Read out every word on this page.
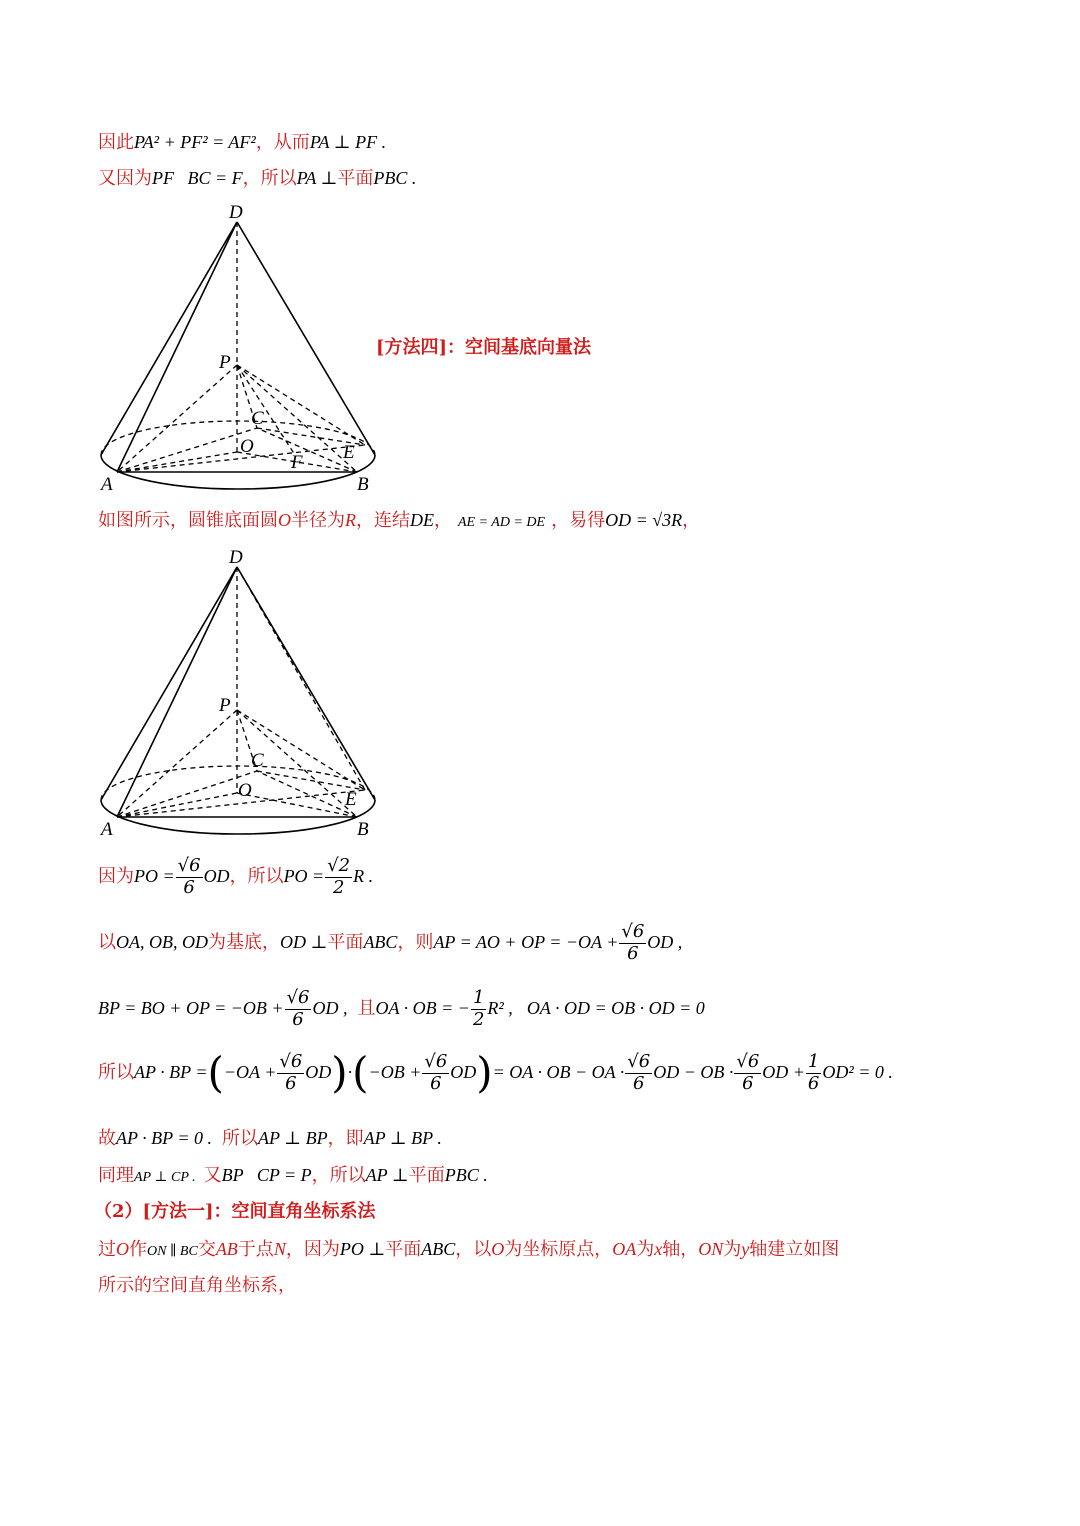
因此PA² + PF² = AF²，从而PA ⊥ PF .
又因为PF   BC = F，所以PA ⊥平面PBC .
D
P
C
O
F E
A	B
[方法四]：空间基底向量法
如图所示，圆锥底面圆O半径为R，连结DE， AE = AD = DE ，易得OD = √3R，
D
P
C
O	E
A	B
因为PO = $\frac{√6}{6}$ OD，所以PO = $\frac{√2}{2}$ R .
以OA, OB, OD为基底，OD ⊥平面ABC，则AP = AO + OP = $-OA + \frac{√6}{6}$ OD ,
BP = BO + OP = $-OB + \frac{√6}{6}$ OD , 且OA · OB = − $\frac{1}{2} R^2$ , OA · OD = OB · OD = 0
所以AP · BP $=(-OA + \frac{√6}{6} OD)\cdot(-OB + \frac{√6}{6} OD)=$ OA · OB − OA · $\frac{√6}{6}$ OD − OB · $\frac{√6}{6}$ OD + $\frac{1}{6} OD^2 = 0$ .
故AP · BP = 0 . 所以AP ⊥ BP，即AP ⊥ BP .
同理AP ⊥ CP . 又BP   CP = P，所以AP ⊥平面PBC .
（2）[方法一]：空间直角坐标系法
过O作ON ∥ BC交AB于点N，因为PO ⊥平面ABC，以O为坐标原点，OA为x轴，ON为y轴建立如图
所示的空间直角坐标系，
